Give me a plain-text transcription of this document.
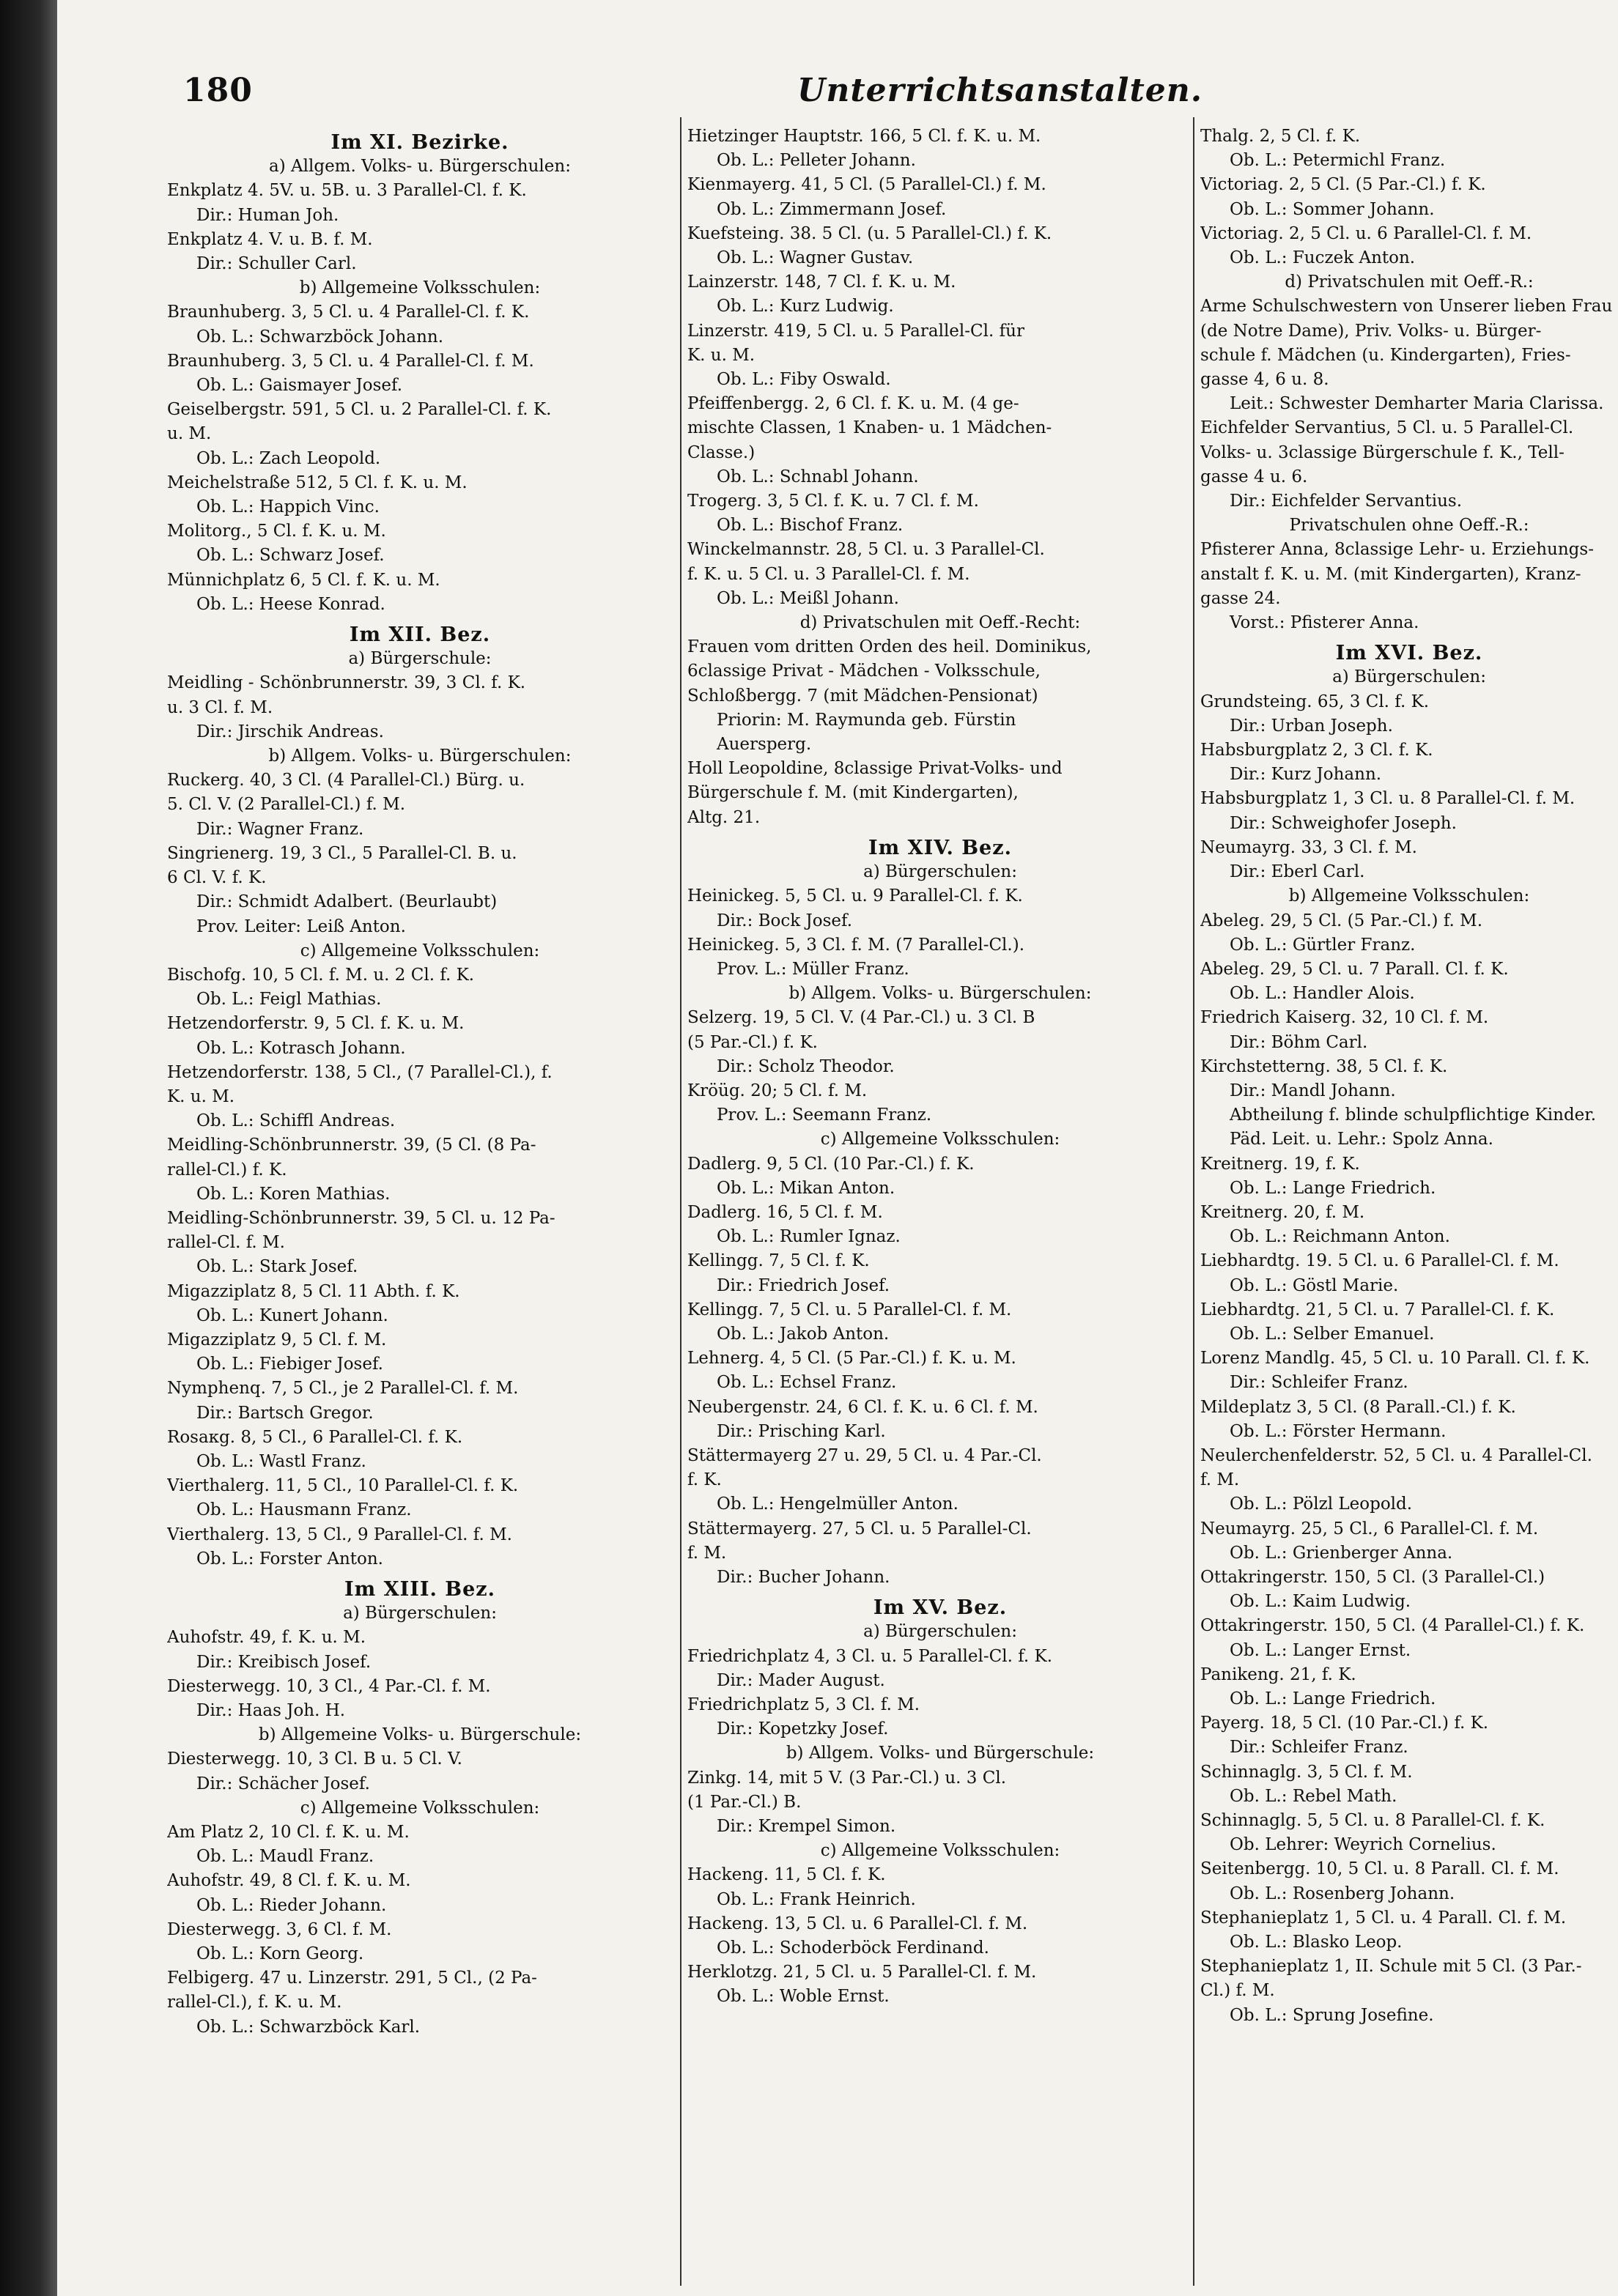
180	Unterrichtsanstalten.
Im XI. Bezirke.
a) Allgem. Volks- u. Bürgerschulen:
Enkplatz 4. 5V. u. 5B. u. 3 Parallel-Cl. f. K.
Dir.: Human Joh.
Enkplatz 4. V. u. B. f. M.
Dir.: Schuller Carl.
b) Allgemeine Volksschulen:
Braunhuberg. 3, 5 Cl. u. 4 Parallel-Cl. f. K.
Ob. L.: Schwarzböck Johann.
Braunhuberg. 3, 5 Cl. u. 4 Parallel-Cl. f. M.
Ob. L.: Gaismayer Josef.
Geiselbergstr. 591, 5 Cl. u. 2 Parallel-Cl. f. K.
u. M.
Ob. L.: Zach Leopold.
Meichelstraße 512, 5 Cl. f. K. u. M.
Ob. L.: Happich Vinc.
Molitorg., 5 Cl. f. K. u. M.
Ob. L.: Schwarz Josef.
Münnichplatz 6, 5 Cl. f. K. u. M.
Ob. L.: Heese Konrad.
Im XII. Bez.
a) Bürgerschule:
Meidling - Schönbrunnerstr. 39, 3 Cl. f. K.
u. 3 Cl. f. M.
Dir.: Jirschik Andreas.
b) Allgem. Volks- u. Bürgerschulen:
Ruckerg. 40, 3 Cl. (4 Parallel-Cl.) Bürg. u.
5. Cl. V. (2 Parallel-Cl.) f. M.
Dir.: Wagner Franz.
Singrienerg. 19, 3 Cl., 5 Parallel-Cl. B. u.
6 Cl. V. f. K.
Dir.: Schmidt Adalbert. (Beurlaubt)
Prov. Leiter: Leiß Anton.
c) Allgemeine Volksschulen:
Bischofg. 10, 5 Cl. f. M. u. 2 Cl. f. K.
Ob. L.: Feigl Mathias.
Hetzendorferstr. 9, 5 Cl. f. K. u. M.
Ob. L.: Kotrasch Johann.
Hetzendorferstr. 138, 5 Cl., (7 Parallel-Cl.), f.
K. u. M.
Ob. L.: Schiffl Andreas.
Meidling-Schönbrunnerstr. 39, (5 Cl. (8 Pa-
rallel-Cl.) f. K.
Ob. L.: Koren Mathias.
Meidling-Schönbrunnerstr. 39, 5 Cl. u. 12 Pa-
rallel-Cl. f. M.
Ob. L.: Stark Josef.
Migazziplatz 8, 5 Cl. 11 Abth. f. K.
Ob. L.: Kunert Johann.
Migazziplatz 9, 5 Cl. f. M.
Ob. L.: Fiebiger Josef.
Nymphenq. 7, 5 Cl., je 2 Parallel-Cl. f. M.
Dir.: Bartsch Gregor.
Rosaкg. 8, 5 Cl., 6 Parallel-Cl. f. K.
Ob. L.: Wastl Franz.
Vierthalerg. 11, 5 Cl., 10 Parallel-Cl. f. K.
Ob. L.: Hausmann Franz.
Vierthalerg. 13, 5 Cl., 9 Parallel-Cl. f. M.
Ob. L.: Forster Anton.
Im XIII. Bez.
a) Bürgerschulen:
Auhofstr. 49, f. K. u. M.
Dir.: Kreibisch Josef.
Diesterwegg. 10, 3 Cl., 4 Par.-Cl. f. M.
Dir.: Haas Joh. H.
b) Allgemeine Volks- u. Bürgerschule:
Diesterwegg. 10, 3 Cl. B u. 5 Cl. V.
Dir.: Schächer Josef.
c) Allgemeine Volksschulen:
Am Platz 2, 10 Cl. f. K. u. M.
Ob. L.: Maudl Franz.
Auhofstr. 49, 8 Cl. f. K. u. M.
Ob. L.: Rieder Johann.
Diesterwegg. 3, 6 Cl. f. M.
Ob. L.: Korn Georg.
Felbigerg. 47 u. Linzerstr. 291, 5 Cl., (2 Pa-
rallel-Cl.), f. K. u. M.
Ob. L.: Schwarzböck Karl.
Hietzinger Hauptstr. 166, 5 Cl. f. K. u. M.
Ob. L.: Pelleter Johann.
Kienmayerg. 41, 5 Cl. (5 Parallel-Cl.) f. M.
Ob. L.: Zimmermann Josef.
Kuefsteing. 38. 5 Cl. (u. 5 Parallel-Cl.) f. K.
Ob. L.: Wagner Gustav.
Lainzerstr. 148, 7 Cl. f. K. u. M.
Ob. L.: Kurz Ludwig.
Linzerstr. 419, 5 Cl. u. 5 Parallel-Cl. für
K. u. M.
Ob. L.: Fiby Oswald.
Pfeiffenbergg. 2, 6 Cl. f. K. u. M. (4 ge-
mischte Classen, 1 Knaben- u. 1 Mädchen-
Classe.)
Ob. L.: Schnabl Johann.
Trogerg. 3, 5 Cl. f. K. u. 7 Cl. f. M.
Ob. L.: Bischof Franz.
Winckelmannstr. 28, 5 Cl. u. 3 Parallel-Cl.
f. K. u. 5 Cl. u. 3 Parallel-Cl. f. M.
Ob. L.: Meißl Johann.
d) Privatschulen mit Oeff.-Recht:
Frauen vom dritten Orden des heil. Dominikus,
6classige Privat - Mädchen - Volksschule,
Schloßbergg. 7 (mit Mädchen-Pensionat)
Priorin: M. Raymunda geb. Fürstin
Auersperg.
Holl Leopoldine, 8classige Privat-Volks- und
Bürgerschule f. M. (mit Kindergarten),
Altg. 21.
Im XIV. Bez.
a) Bürgerschulen:
Heinickeg. 5, 5 Cl. u. 9 Parallel-Cl. f. K.
Dir.: Bock Josef.
Heinickeg. 5, 3 Cl. f. M. (7 Parallel-Cl.).
Prov. L.: Müller Franz.
b) Allgem. Volks- u. Bürgerschulen:
Selzerg. 19, 5 Cl. V. (4 Par.-Cl.) u. 3 Cl. B
(5 Par.-Cl.) f. K.
Dir.: Scholz Theodor.
Kröüg. 20; 5 Cl. f. M.
Prov. L.: Seemann Franz.
c) Allgemeine Volksschulen:
Dadlerg. 9, 5 Cl. (10 Par.-Cl.) f. K.
Ob. L.: Mikan Anton.
Dadlerg. 16, 5 Cl. f. M.
Ob. L.: Rumler Ignaz.
Kellingg. 7, 5 Cl. f. K.
Dir.: Friedrich Josef.
Kellingg. 7, 5 Cl. u. 5 Parallel-Cl. f. M.
Ob. L.: Jakob Anton.
Lehnerg. 4, 5 Cl. (5 Par.-Cl.) f. K. u. M.
Ob. L.: Echsel Franz.
Neubergenstr. 24, 6 Cl. f. K. u. 6 Cl. f. M.
Dir.: Prisching Karl.
Stättermayerg 27 u. 29, 5 Cl. u. 4 Par.-Cl.
f. K.
Ob. L.: Hengelmüller Anton.
Stättermayerg. 27, 5 Cl. u. 5 Parallel-Cl.
f. M.
Dir.: Bucher Johann.
Im XV. Bez.
a) Bürgerschulen:
Friedrichplatz 4, 3 Cl. u. 5 Parallel-Cl. f. K.
Dir.: Mader August.
Friedrichplatz 5, 3 Cl. f. M.
Dir.: Kopetzky Josef.
b) Allgem. Volks- und Bürgerschule:
Zinkg. 14, mit 5 V. (3 Par.-Cl.) u. 3 Cl.
(1 Par.-Cl.) B.
Dir.: Krempel Simon.
c) Allgemeine Volksschulen:
Hackeng. 11, 5 Cl. f. K.
Ob. L.: Frank Heinrich.
Hackeng. 13, 5 Cl. u. 6 Parallel-Cl. f. M.
Ob. L.: Schoderböck Ferdinand.
Herklotzg. 21, 5 Cl. u. 5 Parallel-Cl. f. M.
Ob. L.: Woble Ernst.
Thalg. 2, 5 Cl. f. K.
Ob. L.: Petermichl Franz.
Victoriag. 2, 5 Cl. (5 Par.-Cl.) f. K.
Ob. L.: Sommer Johann.
Victoriag. 2, 5 Cl. u. 6 Parallel-Cl. f. M.
Ob. L.: Fuczek Anton.
d) Privatschulen mit Oeff.-R.:
Arme Schulschwestern von Unserer lieben Frau
(de Notre Dame), Priv. Volks- u. Bürger-
schule f. Mädchen (u. Kindergarten), Fries-
gasse 4, 6 u. 8.
Leit.: Schwester Demharter Maria Clarissa.
Eichfelder Servantius, 5 Cl. u. 5 Parallel-Cl.
Volks- u. 3classige Bürgerschule f. K., Tell-
gasse 4 u. 6.
Dir.: Eichfelder Servantius.
Privatschulen ohne Oeff.-R.:
Pfisterer Anna, 8classige Lehr- u. Erziehungs-
anstalt f. K. u. M. (mit Kindergarten), Kranz-
gasse 24.
Vorst.: Pfisterer Anna.
Im XVI. Bez.
a) Bürgerschulen:
Grundsteing. 65, 3 Cl. f. K.
Dir.: Urban Joseph.
Habsburgplatz 2, 3 Cl. f. K.
Dir.: Kurz Johann.
Habsburgplatz 1, 3 Cl. u. 8 Parallel-Cl. f. M.
Dir.: Schweighofer Joseph.
Neumayrg. 33, 3 Cl. f. M.
Dir.: Eberl Carl.
b) Allgemeine Volksschulen:
Abeleg. 29, 5 Cl. (5 Par.-Cl.) f. M.
Ob. L.: Gürtler Franz.
Abeleg. 29, 5 Cl. u. 7 Parall. Cl. f. K.
Ob. L.: Handler Alois.
Friedrich Kaiserg. 32, 10 Cl. f. M.
Dir.: Böhm Carl.
Kirchstetterng. 38, 5 Cl. f. K.
Dir.: Mandl Johann.
Abtheilung f. blinde schulpflichtige Kinder.
Päd. Leit. u. Lehr.: Spolz Anna.
Kreitnerg. 19, f. K.
Ob. L.: Lange Friedrich.
Kreitnerg. 20, f. M.
Ob. L.: Reichmann Anton.
Liebhardtg. 19. 5 Cl. u. 6 Parallel-Cl. f. M.
Ob. L.: Göstl Marie.
Liebhardtg. 21, 5 Cl. u. 7 Parallel-Cl. f. K.
Ob. L.: Selber Emanuel.
Lorenz Mandlg. 45, 5 Cl. u. 10 Parall. Cl. f. K.
Dir.: Schleifer Franz.
Mildeplatz 3, 5 Cl. (8 Parall.-Cl.) f. K.
Ob. L.: Förster Hermann.
Neulerchenfelderstr. 52, 5 Cl. u. 4 Parallel-Cl.
f. M.
Ob. L.: Pölzl Leopold.
Neumayrg. 25, 5 Cl., 6 Parallel-Cl. f. M.
Ob. L.: Grienberger Anna.
Ottakringerstr. 150, 5 Cl. (3 Parallel-Cl.)
Ob. L.: Kaim Ludwig.
Ottakringerstr. 150, 5 Cl. (4 Parallel-Cl.) f. K.
Ob. L.: Langer Ernst.
Panikeng. 21, f. K.
Ob. L.: Lange Friedrich.
Payerg. 18, 5 Cl. (10 Par.-Cl.) f. K.
Dir.: Schleifer Franz.
Schinnaglg. 3, 5 Cl. f. M.
Ob. L.: Rebel Math.
Schinnaglg. 5, 5 Cl. u. 8 Parallel-Cl. f. K.
Ob. Lehrer: Weyrich Cornelius.
Seitenbergg. 10, 5 Cl. u. 8 Parall. Cl. f. M.
Ob. L.: Rosenberg Johann.
Stephanieplatz 1, 5 Cl. u. 4 Parall. Cl. f. M.
Ob. L.: Blasko Leop.
Stephanieplatz 1, II. Schule mit 5 Cl. (3 Par.-
Cl.) f. M.
Ob. L.: Sprung Josefine.
